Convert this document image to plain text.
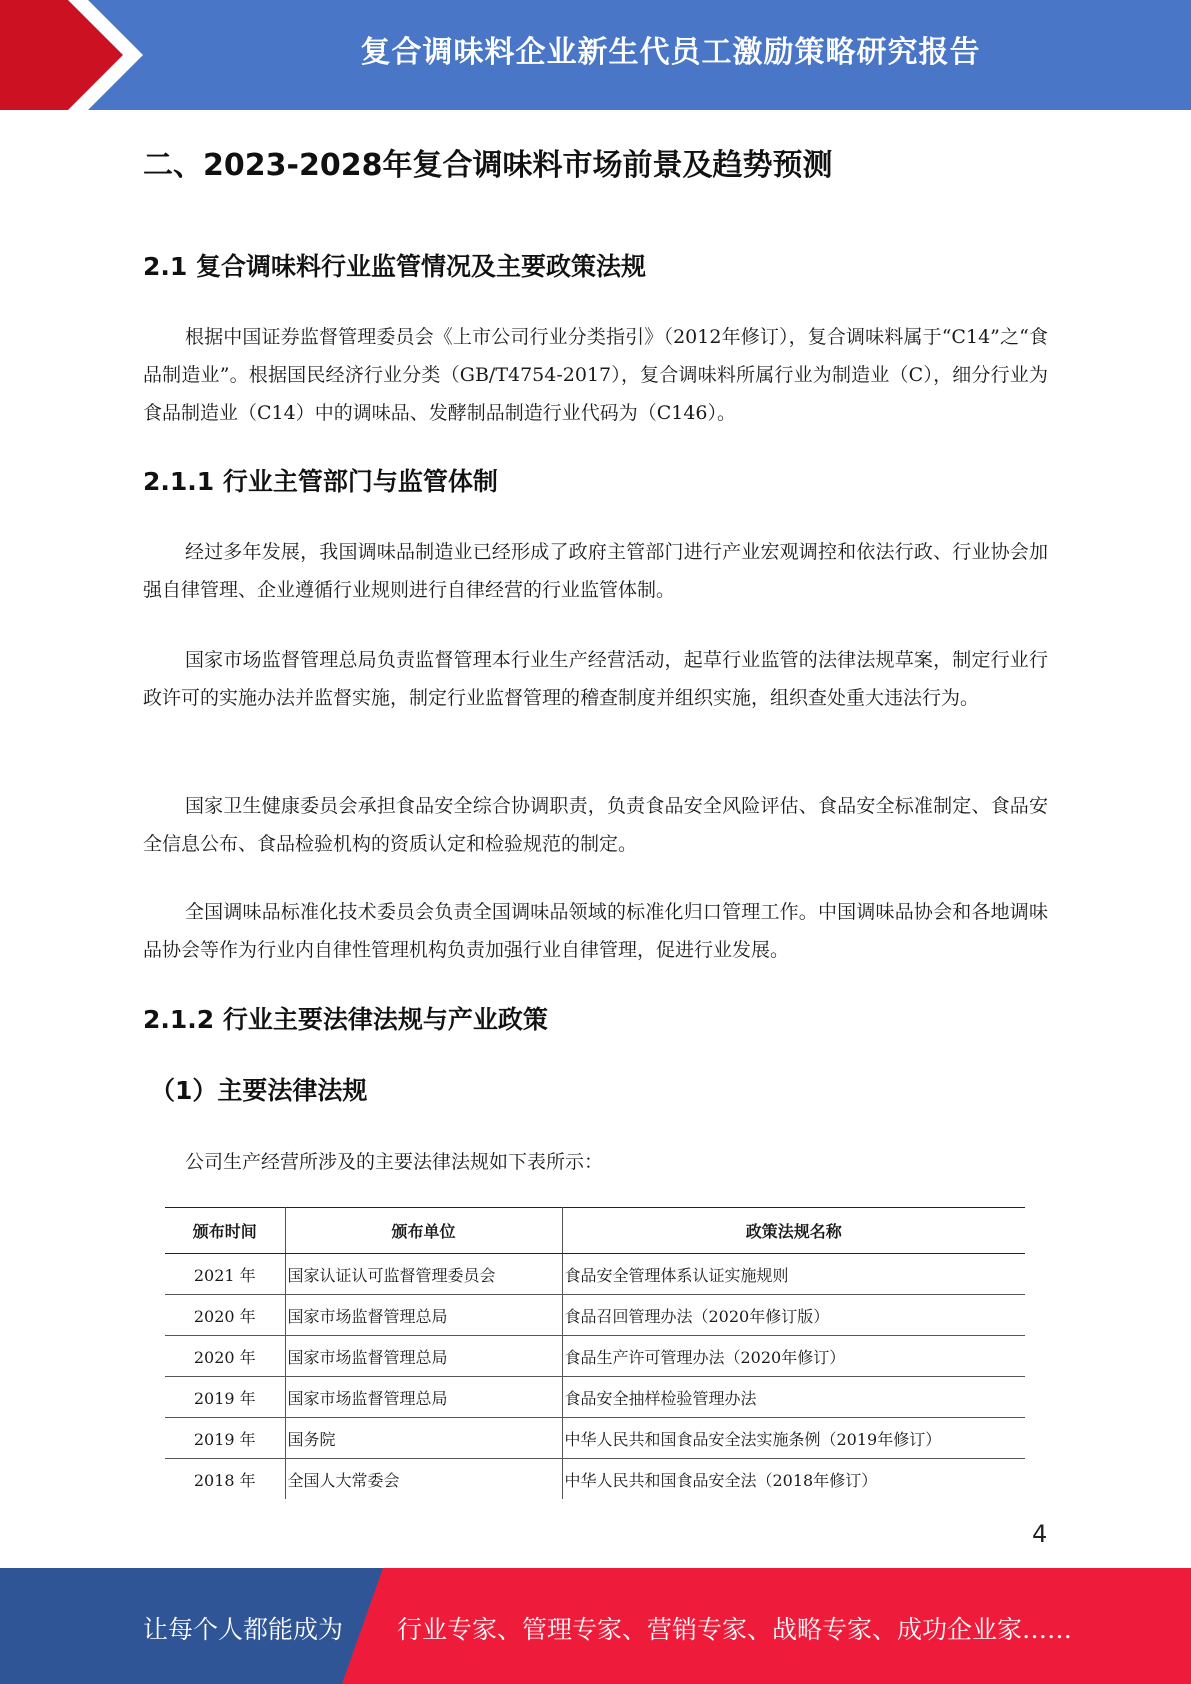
复合调味料企业新生代员工激励策略研究报告
二、2023-2028年复合调味料市场前景及趋势预测
2.1 复合调味料行业监管情况及主要政策法规

根据中国证券监督管理委员会《上市公司行业分类指引》（2012年修订），复合调味料属于“C14”之“食品制造业”。根据国民经济行业分类（GB/T4754-2017），复合调味料所属行业为制造业（C），细分行业为食品制造业（C14）中的调味品、发酵制品制造行业代码为（C146）。

2.1.1 行业主管部门与监管体制

经过多年发展，我国调味品制造业已经形成了政府主管部门进行产业宏观调控和依法行政、行业协会加强自律管理、企业遵循行业规则进行自律经营的行业监管体制。

国家市场监督管理总局负责监督管理本行业生产经营活动，起草行业监管的法律法规草案，制定行业行政许可的实施办法并监督实施，制定行业监督管理的稽查制度并组织实施，组织查处重大违法行为。

国家卫生健康委员会承担食品安全综合协调职责，负责食品安全风险评估、食品安全标准制定、食品安全信息公布、食品检验机构的资质认定和检验规范的制定。

全国调味品标准化技术委员会负责全国调味品领域的标准化归口管理工作。中国调味品协会和各地调味品协会等作为行业内自律性管理机构负责加强行业自律管理，促进行业发展。

2.1.2 行业主要法律法规与产业政策
（1）主要法律法规

公司生产经营所涉及的主要法律法规如下表所示：

颁布时间	颁布单位	政策法规名称
2021 年	国家认证认可监督管理委员会	食品安全管理体系认证实施规则
2020 年	国家市场监督管理总局	食品召回管理办法（2020年修订版）
2020 年	国家市场监督管理总局	食品生产许可管理办法（2020年修订）
2019 年	国家市场监督管理总局	食品安全抽样检验管理办法
2019 年	国务院	中华人民共和国食品安全法实施条例（2019年修订）
2018 年	全国人大常委会	中华人民共和国食品安全法（2018年修订）
4
让每个人都能成为 行业专家、管理专家、营销专家、战略专家、成功企业家……
